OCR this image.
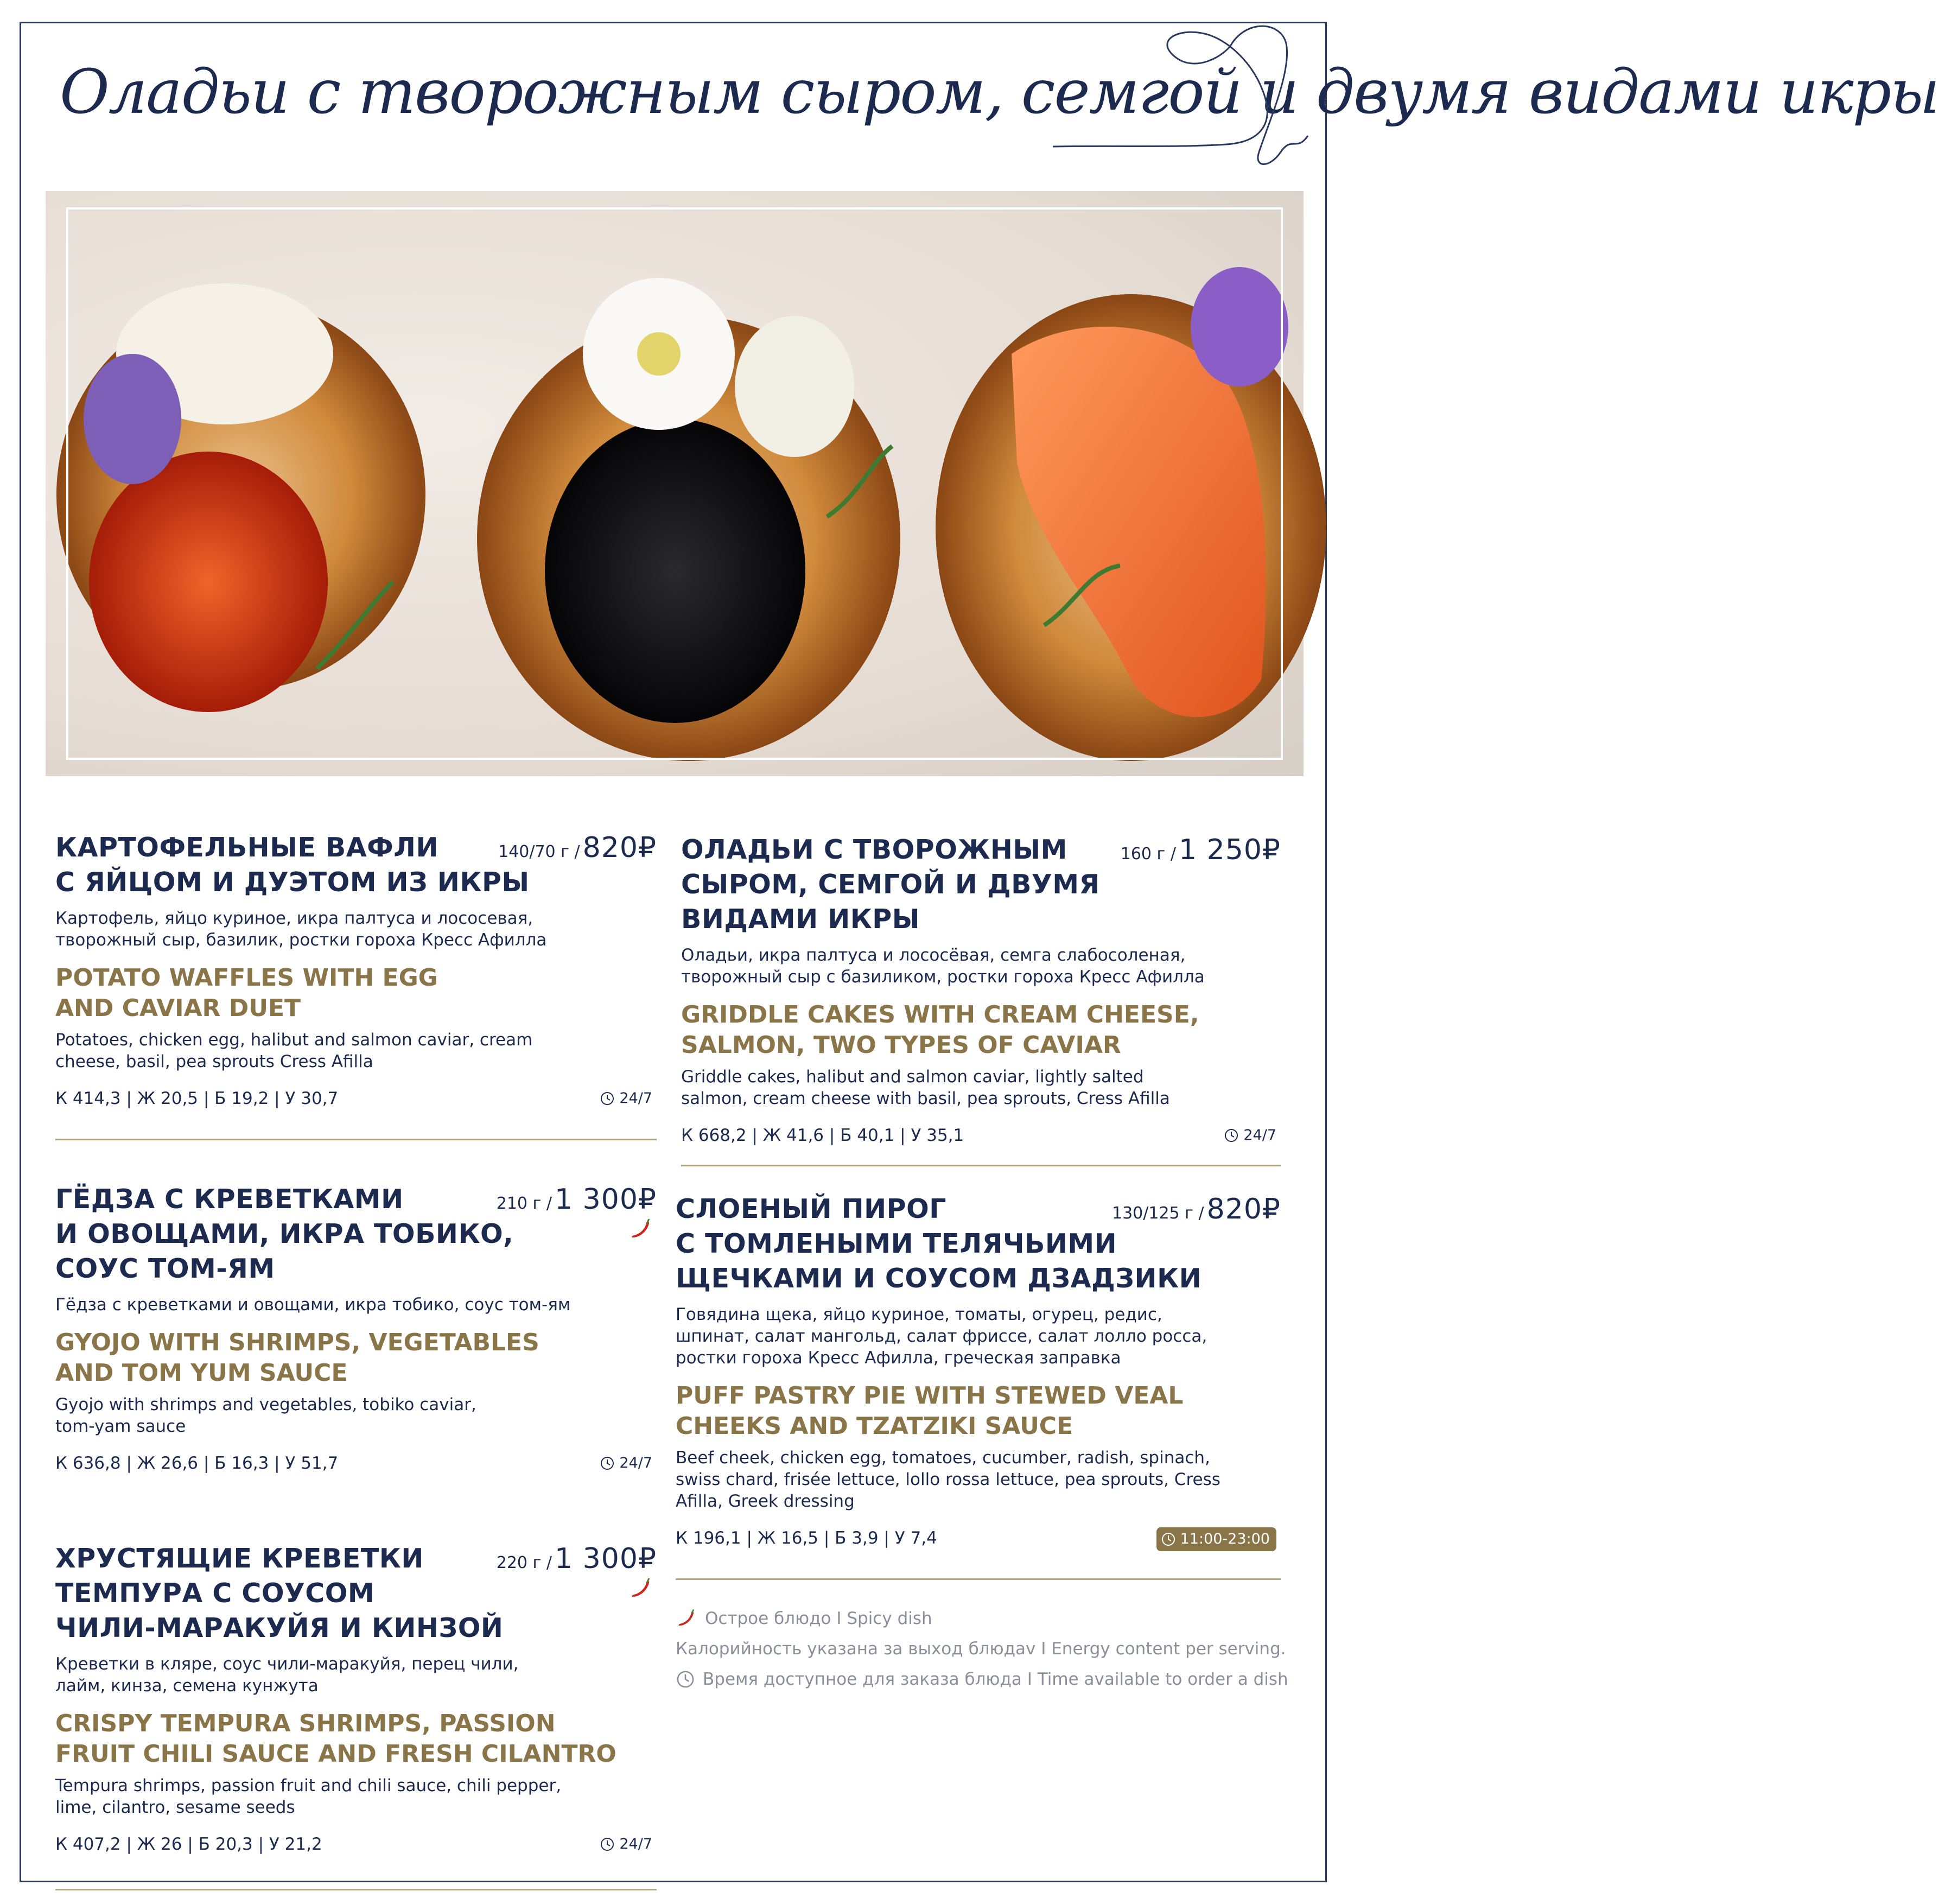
Оладьи с творожным сыром, семгой и двумя видами икры
КАРТОФЕЛЬНЫЕ ВАФЛИ
С ЯЙЦОМ И ДУЭТОМ ИЗ ИКРЫ
140/70 г / 820₽
Картофель, яйцо куриное, икра палтуса и лососевая, творожный сыр, базилик, ростки гороха Кресс Афилла
POTATO WAFFLES WITH EGG
AND CAVIAR DUET
Potatoes, chicken egg, halibut and salmon caviar, cream cheese, basil, pea sprouts Cress Afilla
К 414,3 | Ж 20,5 | Б 19,2 | У 30,7	24/7
ГЁДЗА С КРЕВЕТКАМИ
И ОВОЩАМИ, ИКРА ТОБИКО,
СОУС ТОМ-ЯМ
210 г / 1 300₽
Гёдза с креветками и овощами, икра тобико, соус том-ям
GYOJO WITH SHRIMPS, VEGETABLES
AND TOM YUM SAUCE
Gyojo with shrimps and vegetables, tobiko caviar,
tom-yam sauce
К 636,8 | Ж 26,6 | Б 16,3 | У 51,7	24/7
ХРУСТЯЩИЕ КРЕВЕТКИ
ТЕМПУРА С СОУСОМ
ЧИЛИ-МАРАКУЙЯ И КИНЗОЙ
220 г / 1 300₽
Креветки в кляре, соус чили-маракуйя, перец чили,
лайм, кинза, семена кунжута
CRISPY TEMPURA SHRIMPS, PASSION
FRUIT CHILI SAUCE AND FRESH CILANTRO
Tempura shrimps, passion fruit and chili sauce, chili pepper,
lime, cilantro, sesame seeds
К 407,2 | Ж 26 | Б 20,3 | У 21,2	24/7
ОЛАДЬИ С ТВОРОЖНЫМ
СЫРОМ, СЕМГОЙ И ДВУМЯ
ВИДАМИ ИКРЫ
160 г / 1 250₽
Оладьи, икра палтуса и лососёвая, семга слабосоленая,
творожный сыр с базиликом, ростки гороха Кресс Афилла
GRIDDLE CAKES WITH CREAM CHEESE,
SALMON, TWO TYPES OF CAVIAR
Griddle cakes, halibut and salmon caviar, lightly salted
salmon, cream cheese with basil, pea sprouts, Cress Afilla
К 668,2 | Ж 41,6 | Б 40,1 | У 35,1	24/7
СЛОЕНЫЙ ПИРОГ
С ТОМЛЕНЫМИ ТЕЛЯЧЬИМИ
ЩЕЧКАМИ И СОУСОМ ДЗАДЗИКИ
130/125 г / 820₽
Говядина щека, яйцо куриное, томаты, огурец, редис,
шпинат, салат мангольд, салат фриссе, салат лолло росса,
ростки гороха Кресс Афилла, греческая заправка
PUFF PASTRY PIE WITH STEWED VEAL
CHEEKS AND TZATZIKI SAUCE
Beef cheek, chicken egg, tomatoes, cucumber, radish, spinach,
swiss chard, frisée lettuce, lollo rossa lettuce, pea sprouts, Cress
Afilla, Greek dressing
К 196,1 | Ж 16,5 | Б 3,9 | У 7,4	11:00-23:00
Острое блюдо I Spicy dish
Калорийность указана за выход блюдаv I Energy content per serving.
Время доступное для заказа блюда I Time available to order a dish
